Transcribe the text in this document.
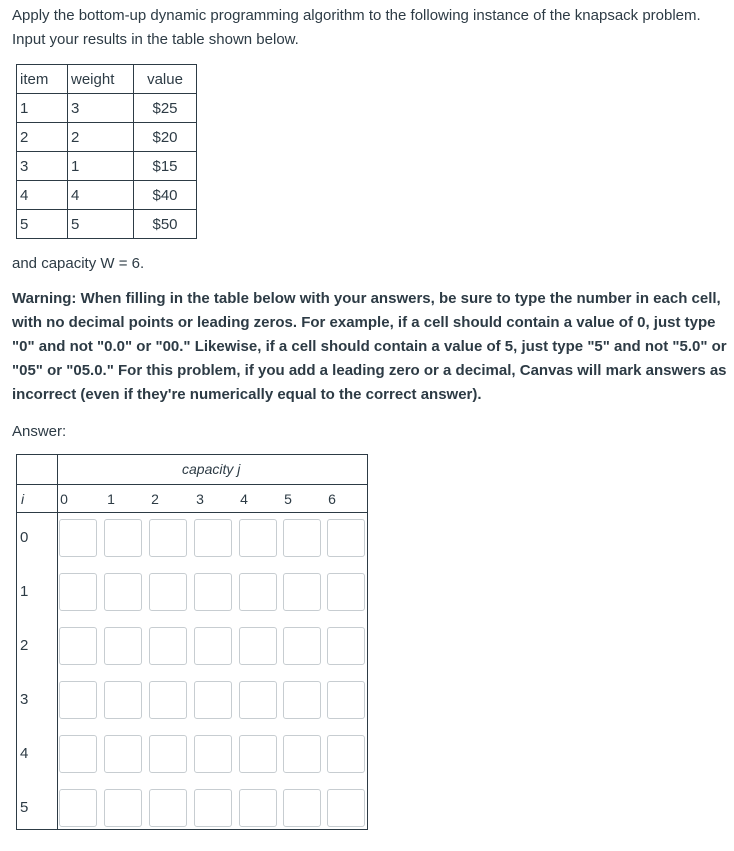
Apply the bottom-up dynamic programming algorithm to the following instance of the knapsack problem. Input your results in the table shown below.
item	weight	value
1	3	$25
2	2	$20
3	1	$15
4	4	$40
5	5	$50
and capacity W = 6.
Warning: When filling in the table below with your answers, be sure to type the number in each cell, with no decimal points or leading zeros. For example, if a cell should contain a value of 0, just type "0" and not "0.0" or "00." Likewise, if a cell should contain a value of 5, just type "5" and not "5.0" or "05" or "05.0." For this problem, if you add a leading zero or a decimal, Canvas will mark answers as incorrect (even if they're numerically equal to the correct answer).
Answer:
capacity j
i	0	1	2	3	4	5	6
0
1
2
3
4
5
